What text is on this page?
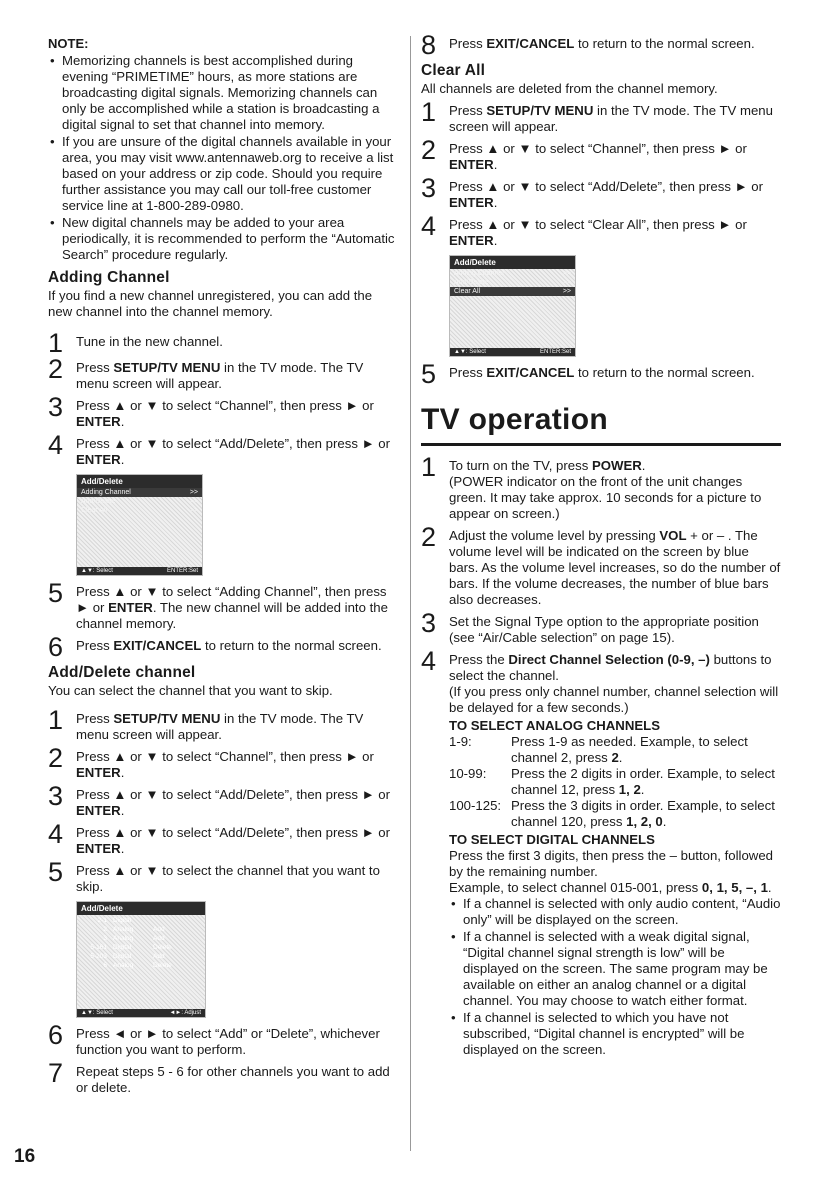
NOTE:
• Memorizing channels is best accomplished during evening “PRIMETIME” hours, as more stations are broadcasting digital signals. Memorizing channels can only be accomplished while a station is broadcasting a digital signal to set that channel into memory.
• If you are unsure of the digital channels available in your area, you may visit www.antennaweb.org to receive a list based on your address or zip code. Should you require further assistance you may call our toll-free customer service line at 1-800-289-0980.
• New digital channels may be added to your area periodically, it is recommended to perform the “Automatic Search” procedure regularly.
Adding Channel

If you find a new channel unregistered, you can add the new channel into the channel memory.

1 Tune in the new channel.
2 Press SETUP/TV MENU in the TV mode. The TV menu screen will appear.
3 Press ▲ or ▼ to select “Channel”, then press ► or ENTER.
4 Press ▲ or ▼ to select “Add/Delete”, then press ► or ENTER.
Add/Delete
Adding Channel	>>
Add/Delete	>>
Clear All	>>
▲▼: Select	ENTER:Set
5 Press ▲ or ▼ to select “Adding Channel”, then press ► or ENTER. The new channel will be added into the channel memory.
6 Press EXIT/CANCEL to return to the normal screen.
Add/Delete channel

You can select the channel that you want to skip.

1 Press SETUP/TV MENU in the TV mode. The TV menu screen will appear.
2 Press ▲ or ▼ to select “Channel”, then press ► or ENTER.
3 Press ▲ or ▼ to select “Add/Delete”, then press ► or ENTER.
4 Press ▲ or ▼ to select “Add/Delete”, then press ► or ENTER.
5 Press ▲ or ▼ to select the channel that you want to skip.
Add/Delete
2-1 Digital
2 Analog	Add
3 Analog	Add
5-161 Digital	Delete
5-203 Digital	Add
6 Analog	Delete
▲▼: Select	◄►: Adjust
6 Press ◄ or ► to select “Add” or “Delete”, whichever function you want to perform.
7 Repeat steps 5 - 6 for other channels you want to add or delete.
16
8 Press EXIT/CANCEL to return to the normal screen.
Clear All

All channels are deleted from the channel memory.

1 Press SETUP/TV MENU in the TV mode. The TV menu screen will appear.
2 Press ▲ or ▼ to select “Channel”, then press ► or ENTER.
3 Press ▲ or ▼ to select “Add/Delete”, then press ► or ENTER.
4 Press ▲ or ▼ to select “Clear All”, then press ► or ENTER.
Add/Delete
Adding Channel	>>
Add/Delete	>>
Clear All	>>
▲▼: Select	ENTER:Set
5 Press EXIT/CANCEL to return to the normal screen.
TV operation
1 To turn on the TV, press POWER.
(POWER indicator on the front of the unit changes green. It may take approx. 10 seconds for a picture to appear on screen.)
2 Adjust the volume level by pressing VOL + or – . The volume level will be indicated on the screen by blue bars. As the volume level increases, so do the number of bars. If the volume decreases, the number of blue bars also decreases.
3 Set the Signal Type option to the appropriate position (see “Air/Cable selection” on page 15).
4 Press the Direct Channel Selection (0-9, –) buttons to select the channel.
(If you press only channel number, channel selection will be delayed for a few seconds.)
TO SELECT ANALOG CHANNELS
1-9:	Press 1-9 as needed. Example, to select channel 2, press 2.
10-99:	Press the 2 digits in order. Example, to select channel 12, press 1, 2.
100-125: Press the 3 digits in order. Example, to select channel 120, press 1, 2, 0.
TO SELECT DIGITAL CHANNELS
Press the first 3 digits, then press the – button, followed by the remaining number.
Example, to select channel 015-001, press 0, 1, 5, –, 1.
• If a channel is selected with only audio content, “Audio only” will be displayed on the screen.
• If a channel is selected with a weak digital signal, “Digital channel signal strength is low” will be displayed on the screen. The same program may be available on either an analog channel or a digital channel. You may choose to watch either format.
• If a channel is selected to which you have not subscribed, “Digital channel is encrypted” will be displayed on the screen.
